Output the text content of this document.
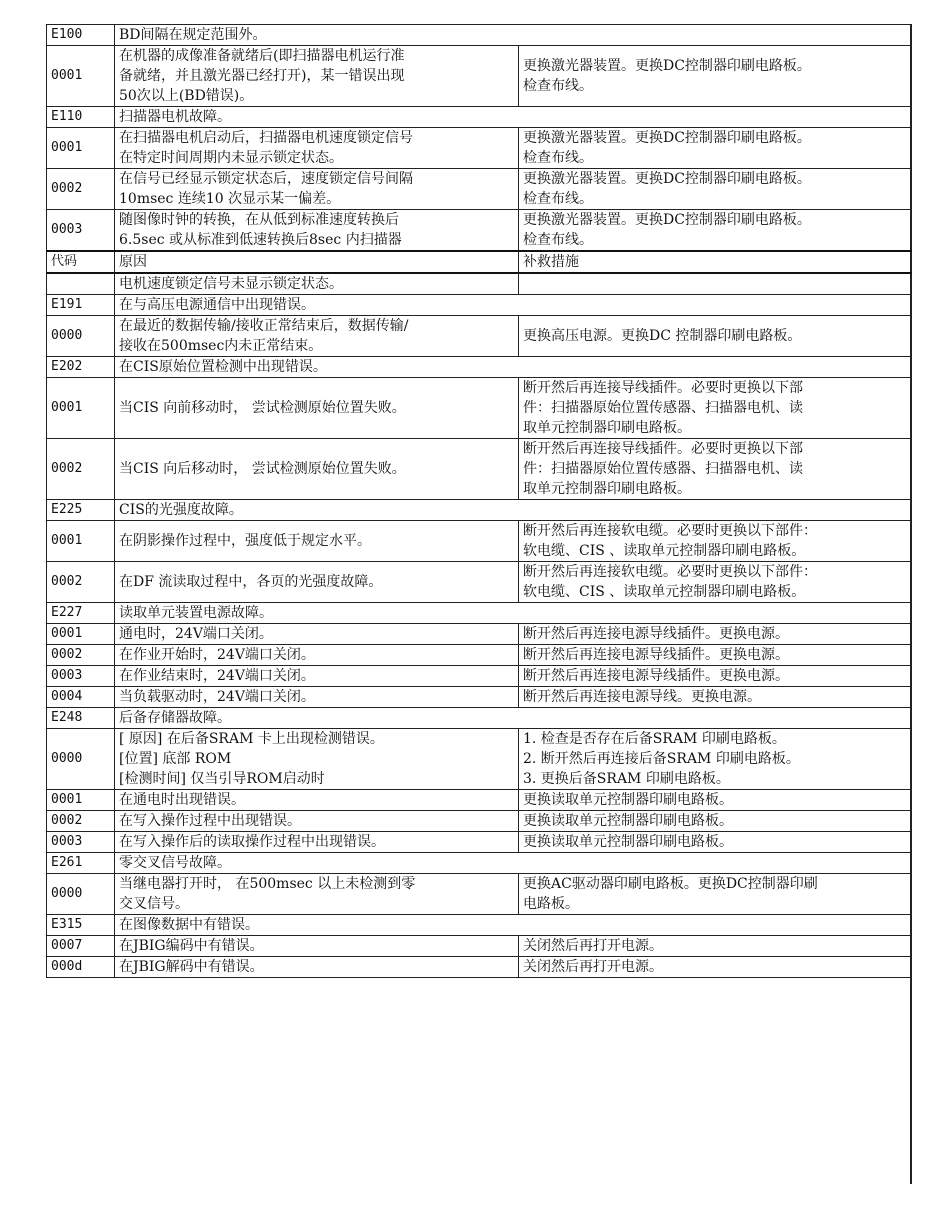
E100	BD间隔在规定范围外。	

0001	在机器的成像准备就绪后(即扫描器电机运行准
备就绪，并且激光器已经打开)，某一错误出现
50次以上(BD错误)。	更换激光器装置。更换DC控制器印刷电路板。
检查布线。

E110	扫描器电机故障。	

0001	在扫描器电机启动后，扫描器电机速度锁定信号
在特定时间周期内未显示锁定状态。	更换激光器装置。更换DC控制器印刷电路板。
检查布线。

0002	在信号已经显示锁定状态后，速度锁定信号间隔
10msec 连续10 次显示某一偏差。	更换激光器装置。更换DC控制器印刷电路板。
检查布线。

0003	随图像时钟的转换，在从低到标准速度转换后
6.5sec 或从标准到低速转换后8sec 内扫描器	更换激光器装置。更换DC控制器印刷电路板。
检查布线。

代码	原因	补救措施

	电机速度锁定信号未显示锁定状态。	

E191	在与高压电源通信中出现错误。	

0000	在最近的数据传输/接收正常结束后，数据传输/
接收在500msec内未正常结束。	更换高压电源。更换DC 控制器印刷电路板。

E202	在CIS原始位置检测中出现错误。	

0001	当CIS 向前移动时， 尝试检测原始位置失败。	断开然后再连接导线插件。必要时更换以下部
件：扫描器原始位置传感器、扫描器电机、读
取单元控制器印刷电路板。

0002	当CIS 向后移动时， 尝试检测原始位置失败。	断开然后再连接导线插件。必要时更换以下部
件：扫描器原始位置传感器、扫描器电机、读
取单元控制器印刷电路板。

E225	CIS的光强度故障。	

0001	在阴影操作过程中，强度低于规定水平。	断开然后再连接软电缆。必要时更换以下部件：
软电缆、CIS 、读取单元控制器印刷电路板。

0002	在DF 流读取过程中，各页的光强度故障。	断开然后再连接软电缆。必要时更换以下部件：
软电缆、CIS 、读取单元控制器印刷电路板。

E227	读取单元装置电源故障。	

0001	通电时，24V端口关闭。	断开然后再连接电源导线插件。更换电源。

0002	在作业开始时，24V端口关闭。	断开然后再连接电源导线插件。更换电源。

0003	在作业结束时，24V端口关闭。	断开然后再连接电源导线插件。更换电源。

0004	当负载驱动时，24V端口关闭。	断开然后再连接电源导线。更换电源。

E248	后备存储器故障。	

0000	[ 原因] 在后备SRAM 卡上出现检测错误。
[位置] 底部 ROM
[检测时间] 仅当引导ROM启动时	1. 检查是否存在后备SRAM 印刷电路板。
2. 断开然后再连接后备SRAM 印刷电路板。
3. 更换后备SRAM 印刷电路板。

0001	在通电时出现错误。	更换读取单元控制器印刷电路板。

0002	在写入操作过程中出现错误。	更换读取单元控制器印刷电路板。

0003	在写入操作后的读取操作过程中出现错误。	更换读取单元控制器印刷电路板。

E261	零交叉信号故障。	

0000	当继电器打开时， 在500msec 以上未检测到零
交叉信号。	更换AC驱动器印刷电路板。更换DC控制器印刷
电路板。

E315	在图像数据中有错误。	

0007	在JBIG编码中有错误。	关闭然后再打开电源。

000d	在JBIG解码中有错误。	关闭然后再打开电源。
